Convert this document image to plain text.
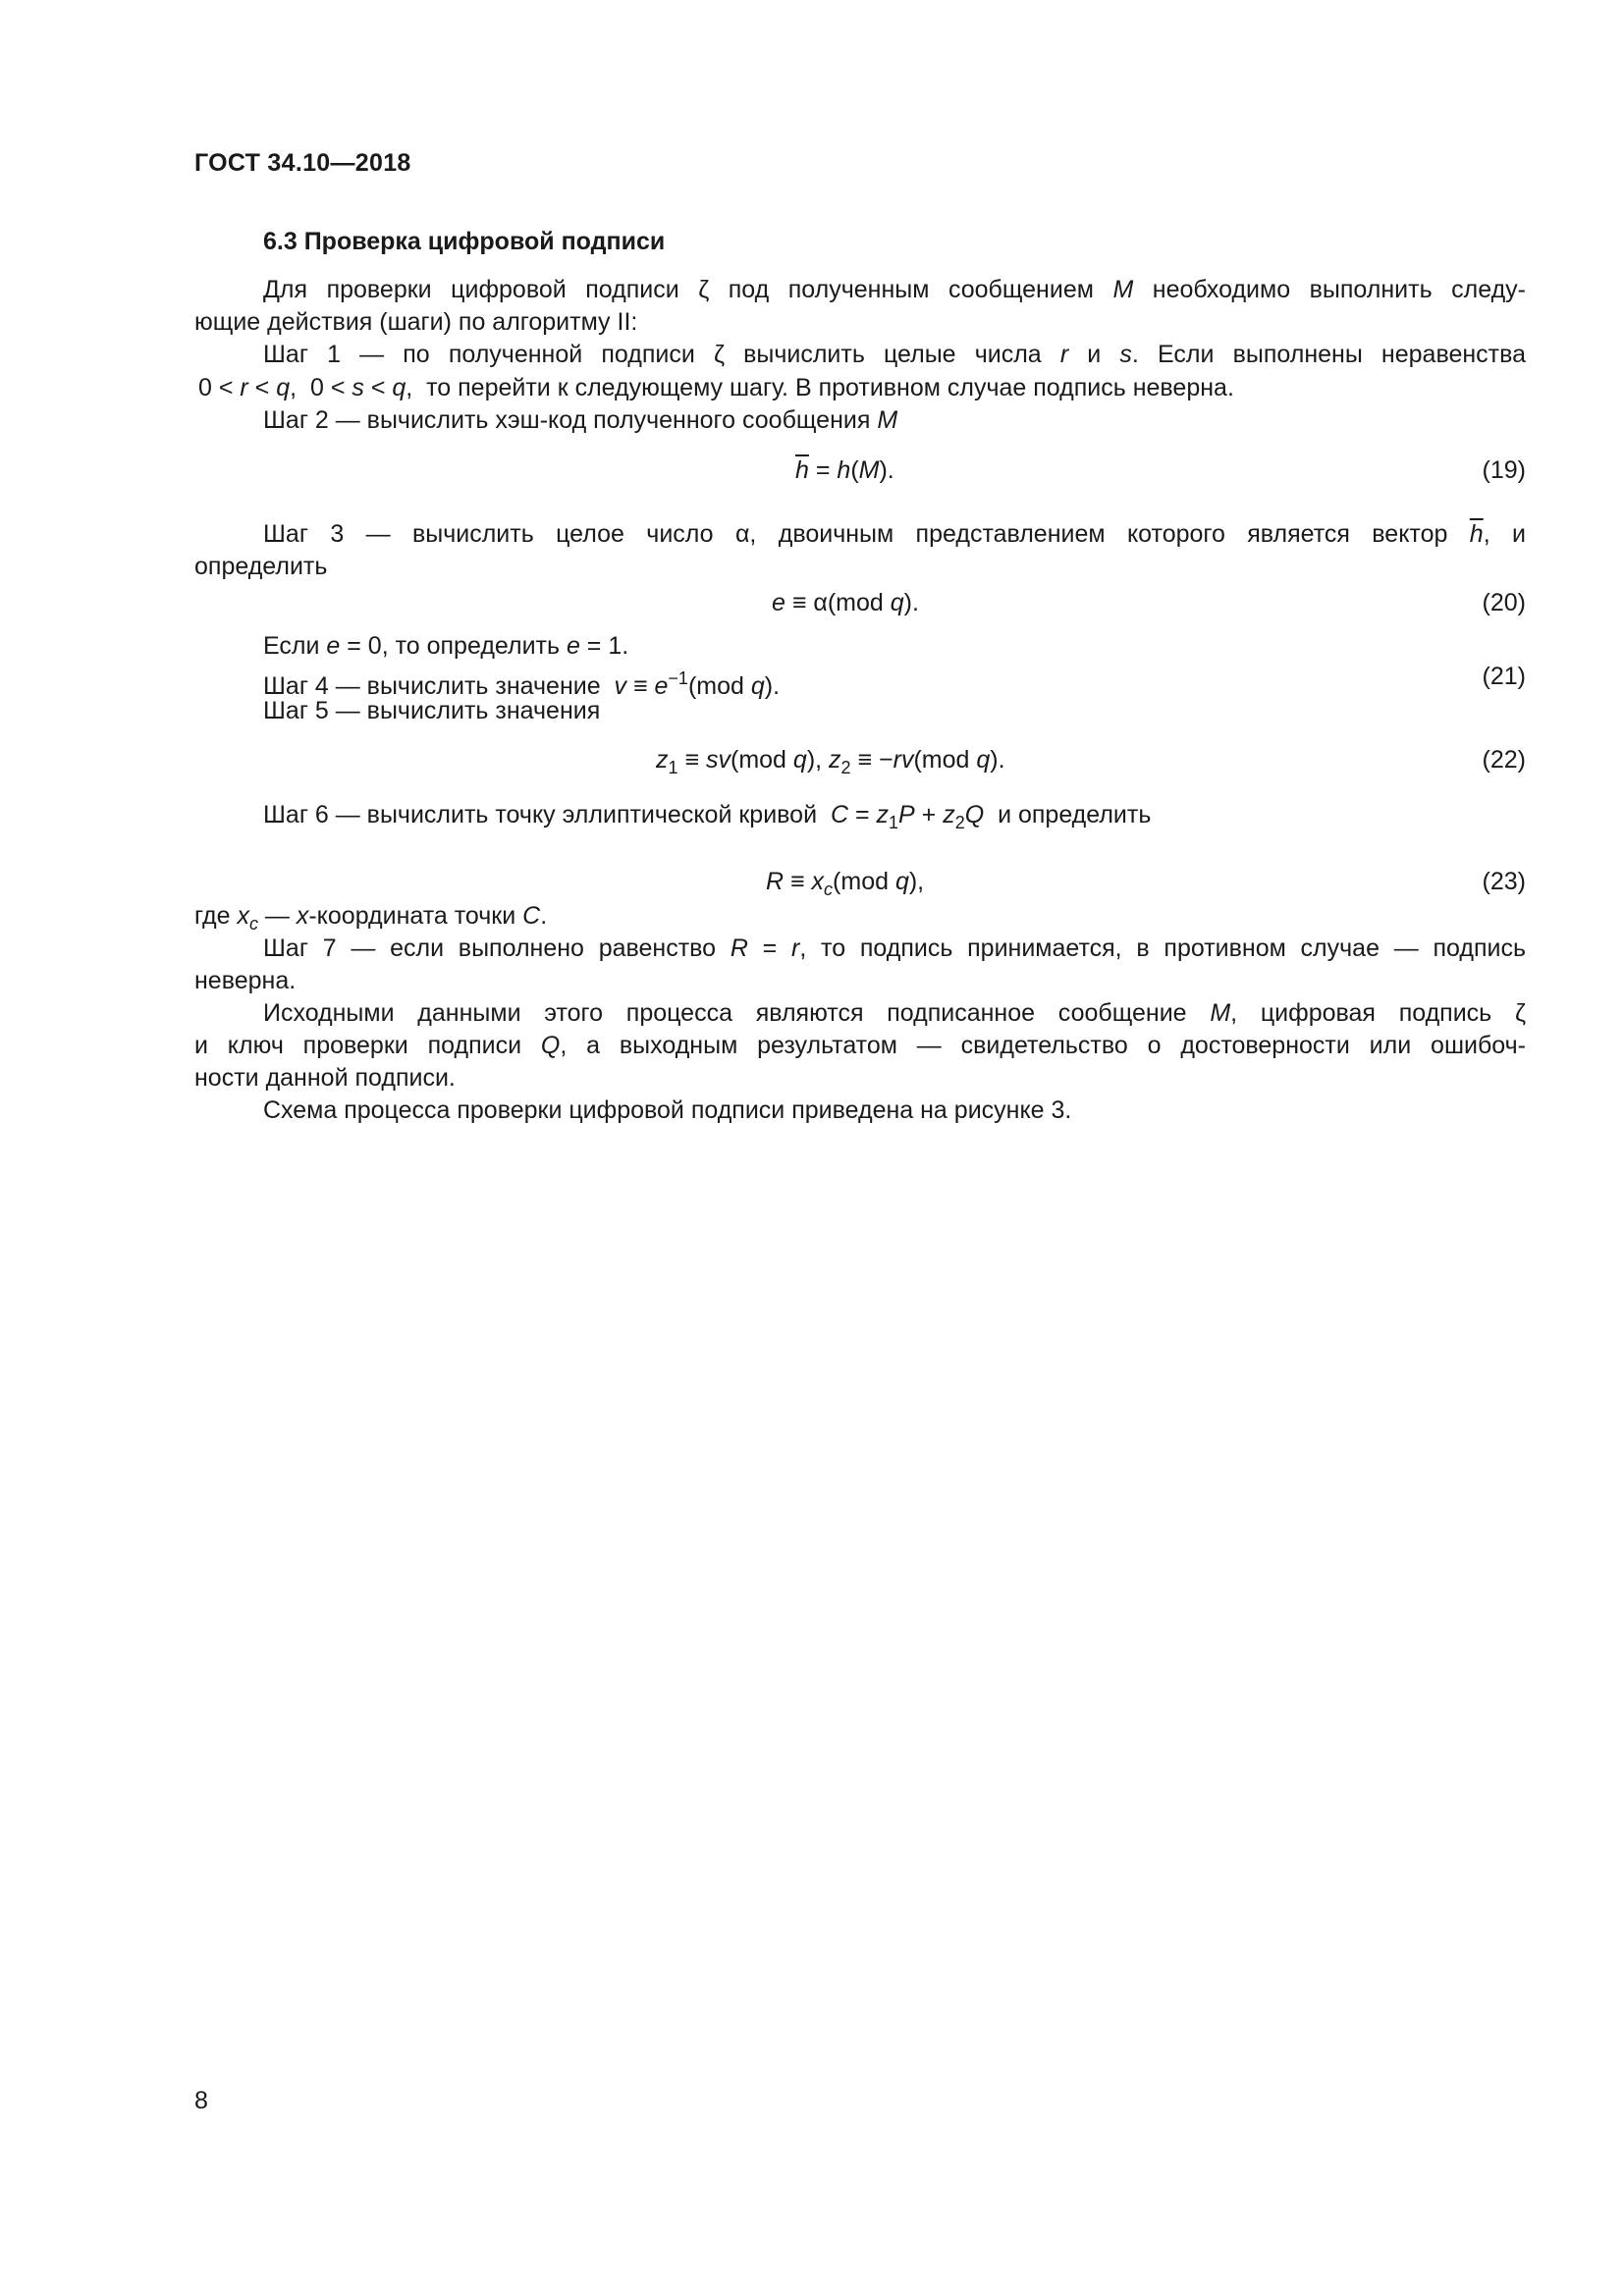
ГОСТ 34.10—2018
6.3 Проверка цифровой подписи
Для проверки цифровой подписи ζ под полученным сообщением M необходимо выполнить следу-
ющие действия (шаги) по алгоритму II:
Шаг 1 — по полученной подписи ζ вычислить целые числа r и s. Если выполнены неравенства
0 < r < q,  0 < s < q,  то перейти к следующему шагу. В противном случае подпись неверна.
Шаг 2 — вычислить хэш-код полученного сообщения M
$\overline{h} = h(M)$.	(19)
Шаг 3 — вычислить целое число α, двоичным представлением которого является вектор $\overline{h}$, и
определить
e ≡ α(mod q).	(20)
Если e = 0, то определить e = 1.
Шаг 4 — вычислить значение  $v \equiv e^{-1}(mod$ q).	(21)
Шаг 5 — вычислить значения
$z_1 \equiv sv(mod$ q), $z_2 \equiv -rv(mod$ q).	(22)
Шаг 6 — вычислить точку эллиптической кривой  $C = z_1P + z_2Q$  и определить
$R \equiv x_c(mod$ q),	(23)
где $x_c$ — x-координата точки C.
Шаг 7 — если выполнено равенство R = r, то подпись принимается, в противном случае — подпись
неверна.
Исходными данными этого процесса являются подписанное сообщение M, цифровая подпись ζ
и ключ проверки подписи Q, а выходным результатом — свидетельство о достоверности или ошибоч-
ности данной подписи.
Схема процесса проверки цифровой подписи приведена на рисунке 3.
8
